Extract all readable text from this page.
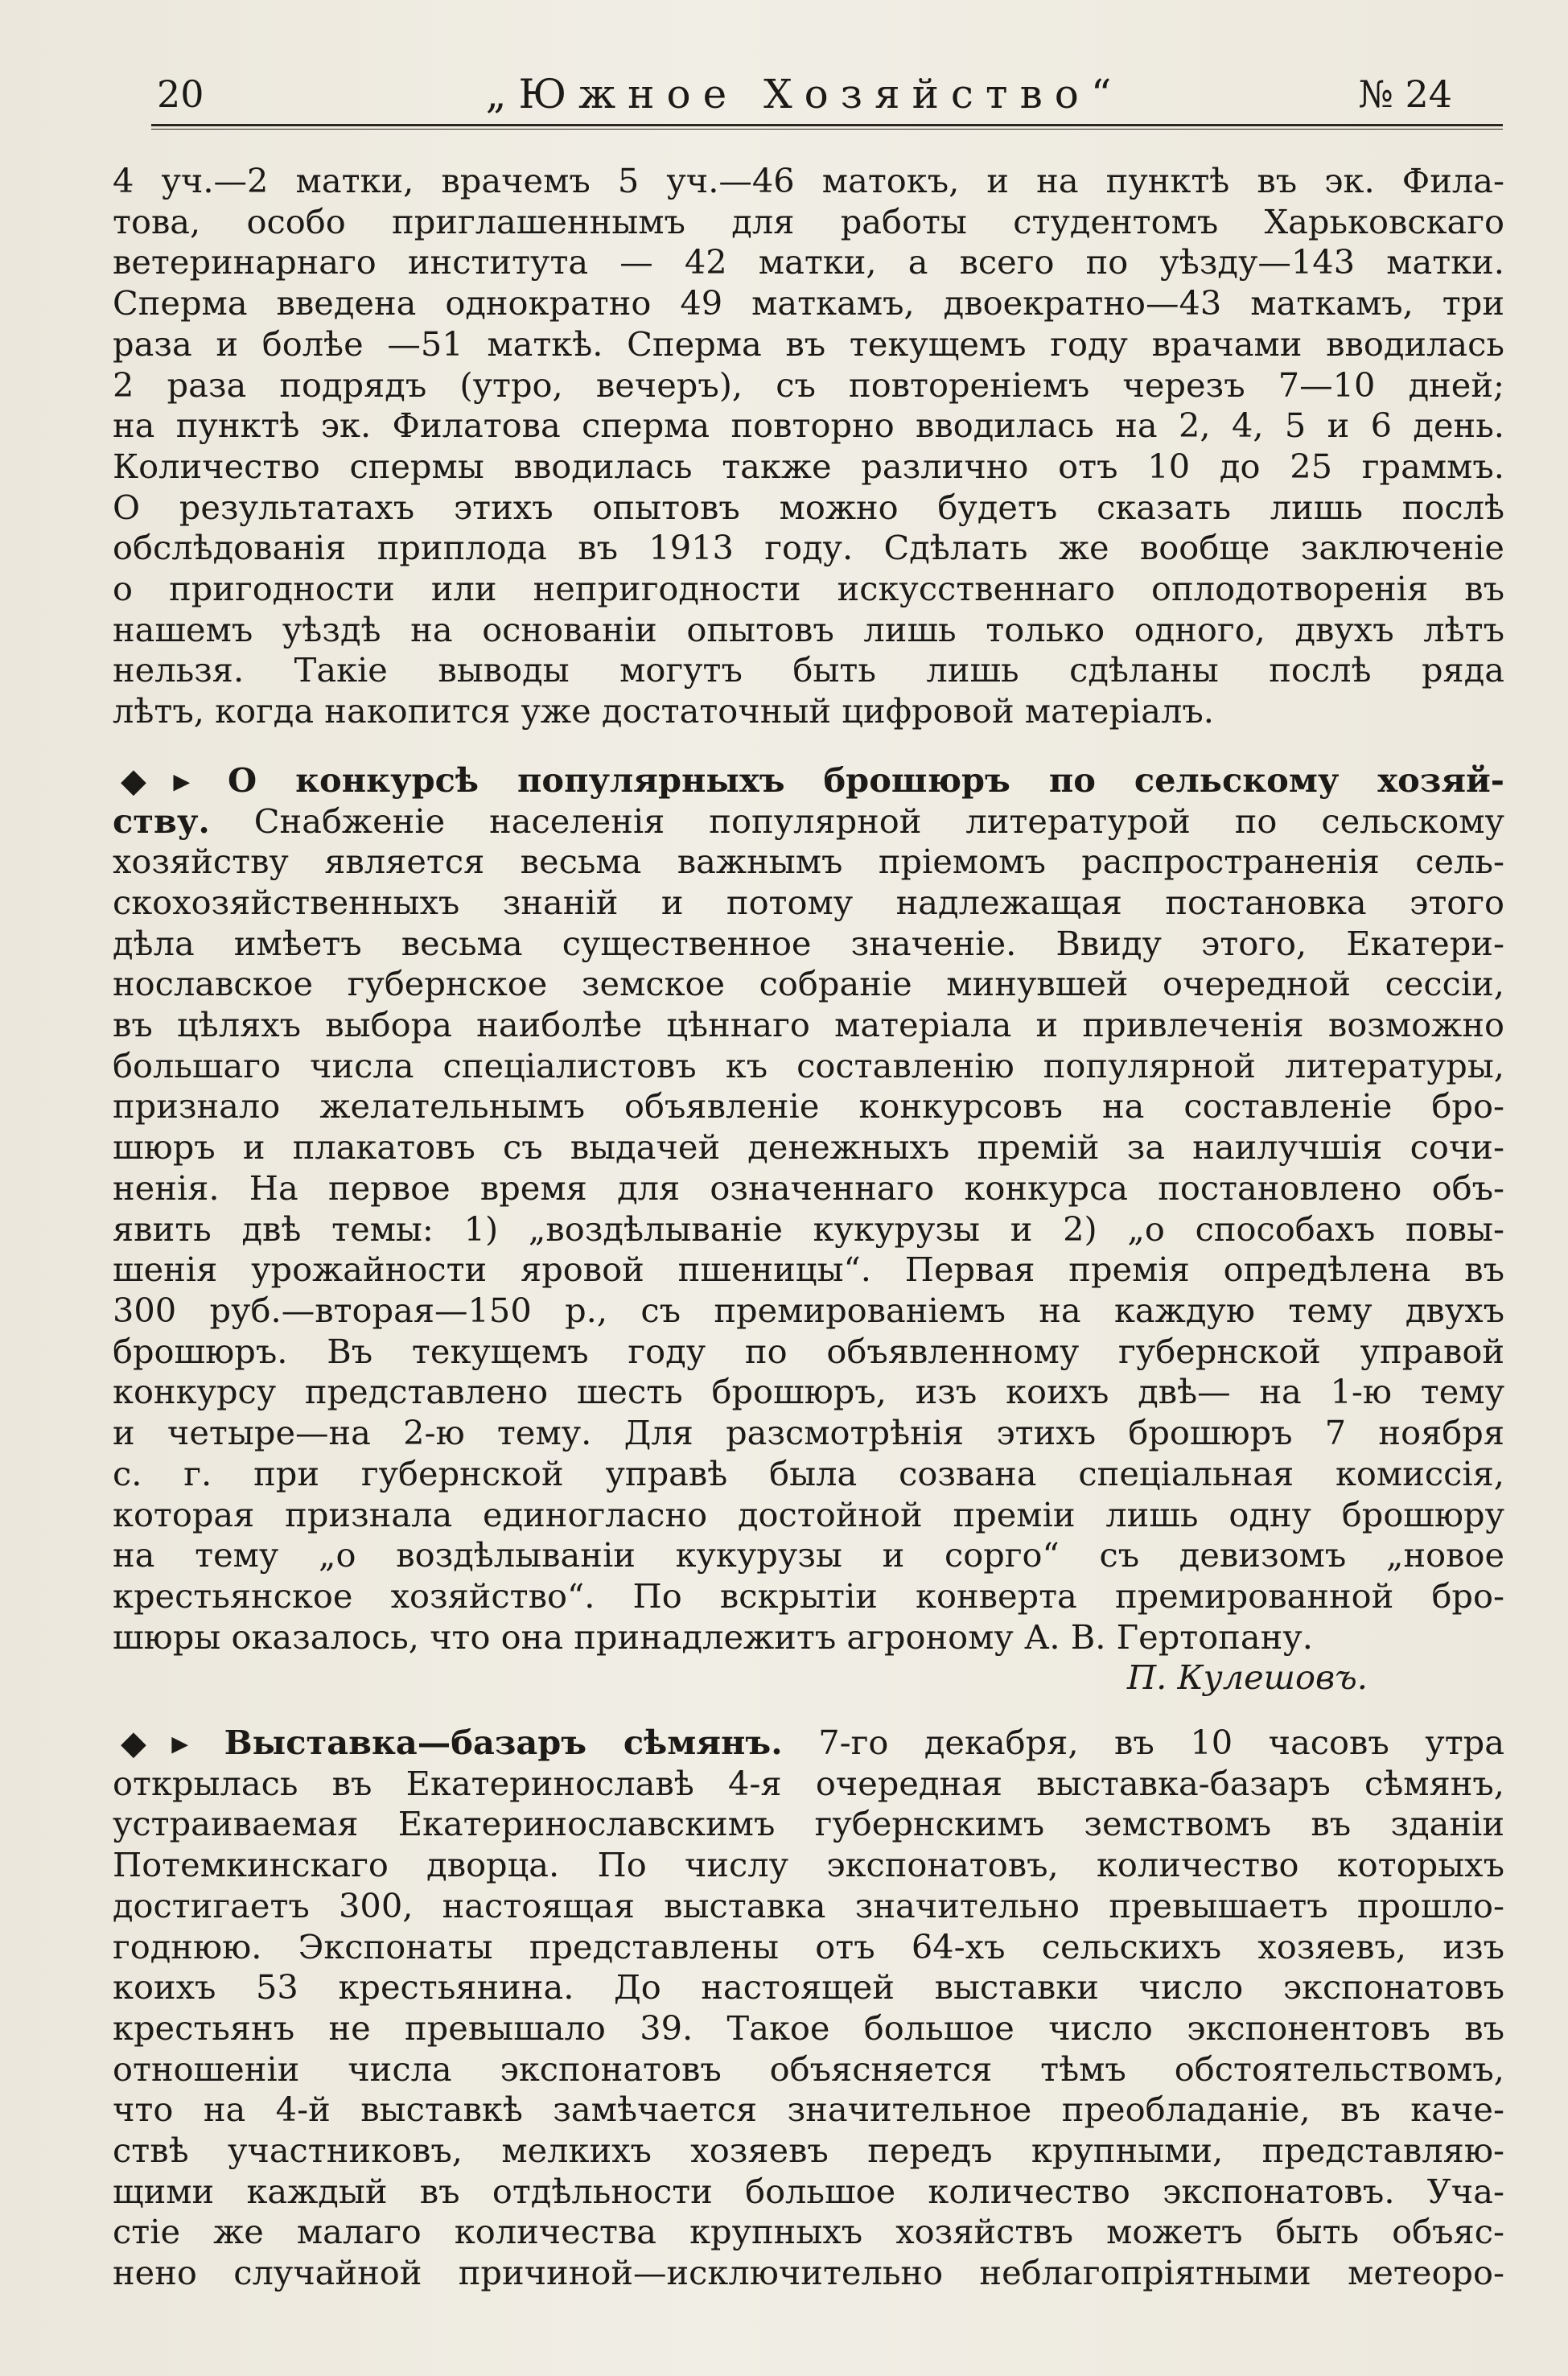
20	„Южное Хозяйство“	№ 24
4 уч.—2 матки, врачемъ 5 уч.—46 матокъ, и на пунктѣ въ эк. Фила-
това, особо приглашеннымъ для работы студентомъ Харьковскаго
ветеринарнаго института — 42 матки, а всего по уѣзду—143 матки.
Сперма введена однократно 49 маткамъ, двоекратно—43 маткамъ, три
раза и болѣе —51 маткѣ. Сперма въ текущемъ году врачами вводилась
2 раза подрядъ (утро, вечеръ), съ повтореніемъ черезъ 7—10 дней;
на пунктѣ эк. Филатова сперма повторно вводилась на 2, 4, 5 и 6 день.
Количество спермы вводилась также различно отъ 10 до 25 граммъ.
О результатахъ этихъ опытовъ можно будетъ сказать лишь послѣ
обслѣдованія приплода въ 1913 году. Сдѣлать же вообще заключеніе
о пригодности или непригодности искусственнаго оплодотворенія въ
нашемъ уѣздѣ на основаніи опытовъ лишь только одного, двухъ лѣтъ
нельзя. Такіе выводы могутъ быть лишь сдѣланы послѣ ряда
лѣтъ, когда накопится уже достаточный цифровой матеріалъ.
◆▸ О конкурсѣ популярныхъ брошюръ по сельскому хозяй-
ству. Снабженіе населенія популярной литературой по сельскому
хозяйству является весьма важнымъ пріемомъ распространенія сель-
скохозяйственныхъ знаній и потому надлежащая постановка этого
дѣла имѣетъ весьма существенное значеніе. Ввиду этого, Екатери-
нославское губернское земское собраніе минувшей очередной сессіи,
въ цѣляхъ выбора наиболѣе цѣннаго матеріала и привлеченія возможно
большаго числа спеціалистовъ къ составленію популярной литературы,
признало желательнымъ объявленіе конкурсовъ на составленіе бро-
шюръ и плакатовъ съ выдачей денежныхъ премій за наилучшія сочи-
ненія. На первое время для означеннаго конкурса постановлено объ-
явить двѣ темы: 1) „воздѣлываніе кукурузы и 2) „о способахъ повы-
шенія урожайности яровой пшеницы“. Первая премія опредѣлена въ
300 руб.—вторая—150 р., съ премированіемъ на каждую тему двухъ
брошюръ. Въ текущемъ году по объявленному губернской управой
конкурсу представлено шесть брошюръ, изъ коихъ двѣ— на 1-ю тему
и четыре—на 2-ю тему. Для разсмотрѣнія этихъ брошюръ 7 ноября
с. г. при губернской управѣ была созвана спеціальная комиссія,
которая признала единогласно достойной преміи лишь одну брошюру
на тему „о воздѣлываніи кукурузы и сорго“ съ девизомъ „новое
крестьянское хозяйство“. По вскрытіи конверта премированной бро-
шюры оказалось, что она принадлежитъ агроному А. В. Гертопану.
П. Кулешовъ.
◆▸ Выставка—базаръ сѣмянъ. 7-го декабря, въ 10 часовъ утра
открылась въ Екатеринославѣ 4-я очередная выставка-базаръ сѣмянъ,
устраиваемая Екатеринославскимъ губернскимъ земствомъ въ зданіи
Потемкинскаго дворца. По числу экспонатовъ, количество которыхъ
достигаетъ 300, настоящая выставка значительно превышаетъ прошло-
годнюю. Экспонаты представлены отъ 64-хъ сельскихъ хозяевъ, изъ
коихъ 53 крестьянина. До настоящей выставки число экспонатовъ
крестьянъ не превышало 39. Такое большое число экспонентовъ въ
отношеніи числа экспонатовъ объясняется тѣмъ обстоятельствомъ,
что на 4-й выставкѣ замѣчается значительное преобладаніе, въ каче-
ствѣ участниковъ, мелкихъ хозяевъ передъ крупными, представляю-
щими каждый въ отдѣльности большое количество экспонатовъ. Уча-
стіе же малаго количества крупныхъ хозяйствъ можетъ быть объяс-
нено случайной причиной—исключительно неблагопріятными метеоро-
